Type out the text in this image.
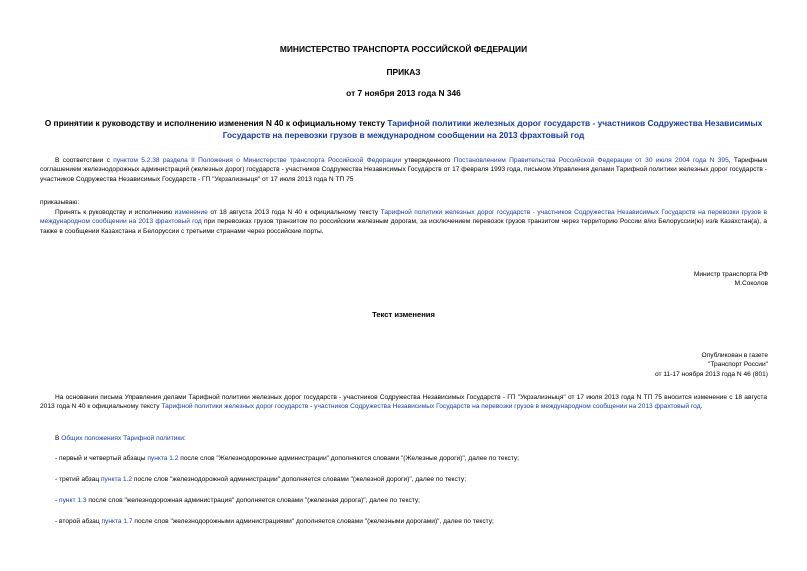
МИНИСТЕРСТВО ТРАНСПОРТА РОССИЙСКОЙ ФЕДЕРАЦИИ
ПРИКАЗ
от 7 ноября 2013 года N 346
О принятии к руководству и исполнению изменения N 40 к официальному тексту Тарифной политики железных дорог государств - участников Содружества Независимых Государств на перевозки грузов в международном сообщении на 2013 фрахтовый год
В соответствии с пунктом 5.2.38 раздела II Положения о Министерстве транспорта Российской Федерации утвержденного Постановлением Правительства Российской Федерации от 30 июля 2004 года N 395, Тарифным соглашением железнодорожных администраций (железных дорог) государств - участников Содружества Независимых Государств от 17 февраля 1993 года, письмом Управления делами Тарифной политики железных дорог государств - участников Содружества Независимых Государств - ГП "Укрзализныця" от 17 июля 2013 года N ТП 75
приказываю:
Принять к руководству и исполнению изменение от 18 августа 2013 года N 40 к официальному тексту Тарифной политики железных дорог государств - участников Содружества Независимых Государств на перевозки грузов в международном сообщении на 2013 фрахтовый год при перевозках грузов транзитом по российским железным дорогам, за исключением перевозок грузов транзитом через территорию России в/из Белоруссии(ю) из/в Казахстан(а), а также в сообщении Казахстана и Белоруссии с третьими странами через российские порты.
Министр транспорта РФ
М.Соколов
Текст изменения
Опубликован в газете
"Транспорт России"
от 11-17 ноября 2013 года N 46 (801)
На основании письма Управления делами Тарифной политики железных дорог государств - участников Содружества Независимых Государств - ГП "Укрзализныця" от 17 июля 2013 года N ТП 75 вносится изменение с 18 августа 2013 года N 40 к официальному тексту Тарифной политики железных дорог государств - участников Содружества Независимых Государств на перевозки грузов в международном сообщении на 2013 фрахтовый год.
В Общих положениях Тарифной политики:
- первый и четвертый абзацы пункта 1.2 после слов "Железнодорожные администрации" дополняются словами "(Железные дороги)", далее по тексту;
- третий абзац пункта 1.2 после слов "железнодорожной администрации" дополняется словами "(железной дороги)", далее по тексту;
- пункт 1.3 после слов "железнодорожная администрация" дополняется словами "(железная дорога)", далее по тексту;
- второй абзац пункта 1.7 после слов "железнодорожными администрациями" дополняется словами "(железными дорогами)", далее по тексту;
